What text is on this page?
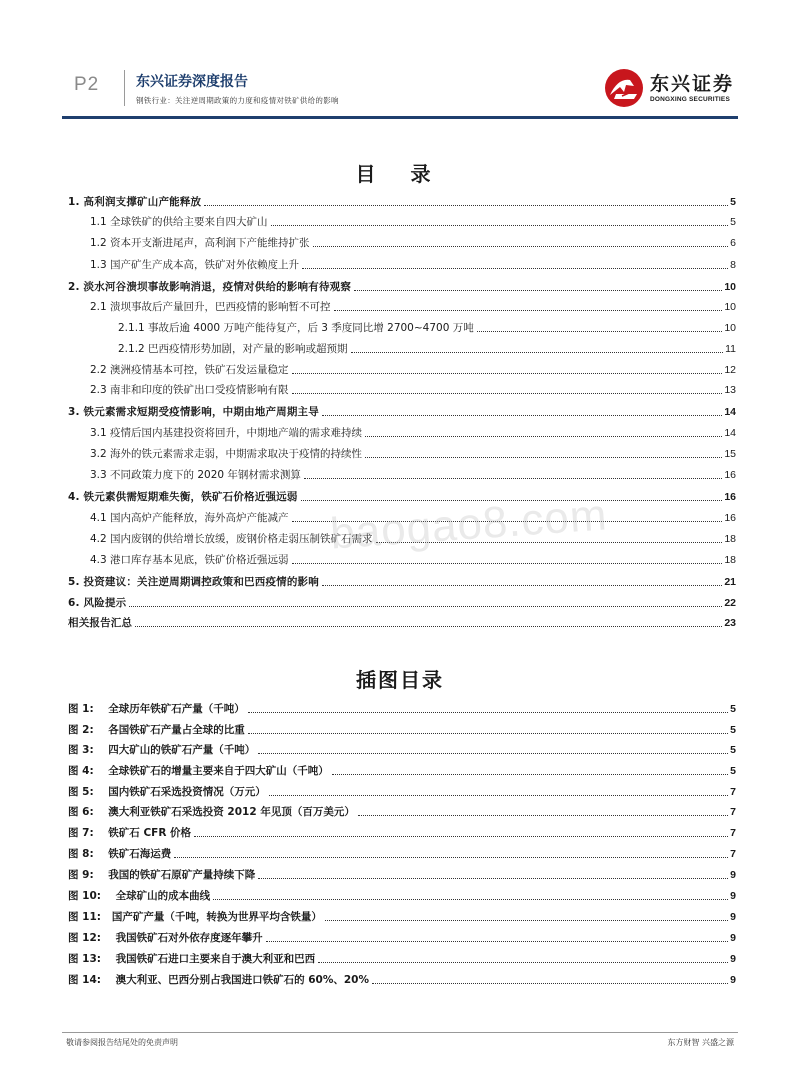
P2	东兴证券深度报告
钢铁行业：关注逆周期政策的力度和疫情对铁矿供给的影响
东兴证券
DONGXING SECURITIES
目 录
1. 高利润支撑矿山产能释放	5
1.1 全球铁矿的供给主要来自四大矿山	5
1.2 资本开支渐进尾声，高利润下产能维持扩张	6
1.3 国产矿生产成本高，铁矿对外依赖度上升	8
2. 淡水河谷溃坝事故影响消退，疫情对供给的影响有待观察	10
2.1 溃坝事故后产量回升，巴西疫情的影响暂不可控	10
2.1.1 事故后逾 4000 万吨产能待复产，后 3 季度同比增 2700~4700 万吨	10
2.1.2 巴西疫情形势加剧，对产量的影响或超预期	11
2.2 澳洲疫情基本可控，铁矿石发运量稳定	12
2.3 南非和印度的铁矿出口受疫情影响有限	13
3. 铁元素需求短期受疫情影响，中期由地产周期主导	14
3.1 疫情后国内基建投资将回升，中期地产端的需求难持续	14
3.2 海外的铁元素需求走弱，中期需求取决于疫情的持续性	15
3.3 不同政策力度下的 2020 年钢材需求测算	16
4. 铁元素供需短期难失衡，铁矿石价格近强远弱	16
4.1 国内高炉产能释放，海外高炉产能减产	16
4.2 国内废钢的供给增长放缓，废钢价格走弱压制铁矿石需求	18
4.3 港口库存基本见底，铁矿价格近强远弱	18
5. 投资建议：关注逆周期调控政策和巴西疫情的影响	21
6. 风险提示	22
相关报告汇总	23
插图目录
图 1:    全球历年铁矿石产量（千吨）	5
图 2:    各国铁矿石产量占全球的比重	5
图 3:    四大矿山的铁矿石产量（千吨）	5
图 4:    全球铁矿石的增量主要来自于四大矿山（千吨）	5
图 5:    国内铁矿石采选投资情况（万元）	7
图 6:    澳大利亚铁矿石采选投资 2012 年见顶（百万美元）	7
图 7:    铁矿石 CFR 价格	7
图 8:    铁矿石海运费	7
图 9:    我国的铁矿石原矿产量持续下降	9
图 10:    全球矿山的成本曲线	9
图 11:   国产矿产量（千吨，转换为世界平均含铁量）	9
图 12:    我国铁矿石对外依存度逐年攀升	9
图 13:    我国铁矿石进口主要来自于澳大利亚和巴西	9
图 14:    澳大利亚、巴西分别占我国进口铁矿石的 60%、20%	9
baogao8.com
敬请参阅报告结尾处的免责声明	东方财智 兴盛之源
